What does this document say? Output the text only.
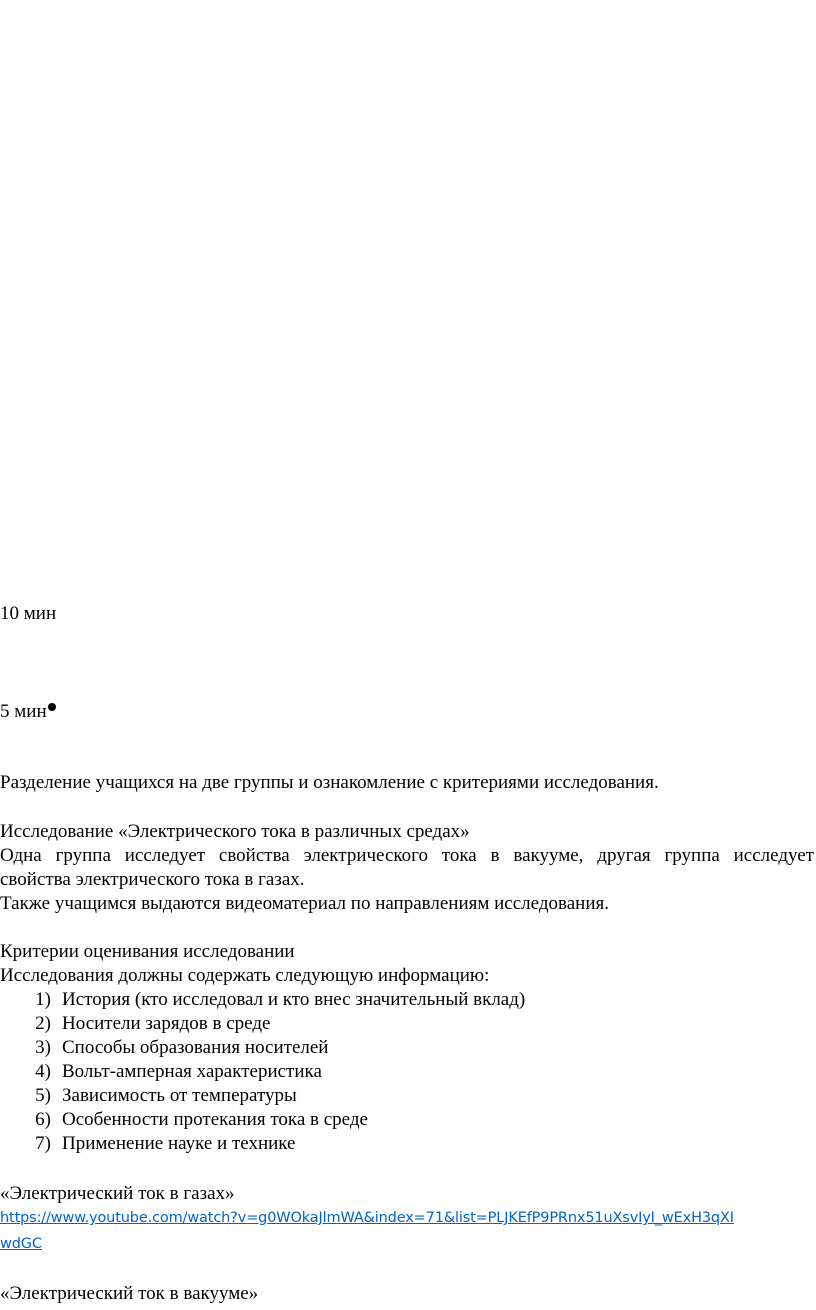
10 мин
5 мин
Разделение учащихся на две группы и ознакомление с критериями исследования.
Исследование «Электрического тока в различных средах»
Одна группа исследует свойства электрического тока в вакууме, другая группа исследует
свойства электрического тока в газах.
Также учащимся выдаются видеоматериал по направлениям исследования.
Критерии оценивания исследовании
Исследования должны содержать следующую информацию:
1) История (кто исследовал и кто внес значительный вклад)
2) Носители зарядов в среде
3) Способы образования носителей
4) Вольт-амперная характеристика
5) Зависимость от температуры
6) Особенности протекания тока в среде
7) Применение науке и технике
«Электрический ток в газах»
https://www.youtube.com/watch?v=g0WOkaJlmWA&index=71&list=PLJKEfP9PRnx51uXsvIyI_wExH3qXI
wdGC
«Электрический ток в вакууме»
